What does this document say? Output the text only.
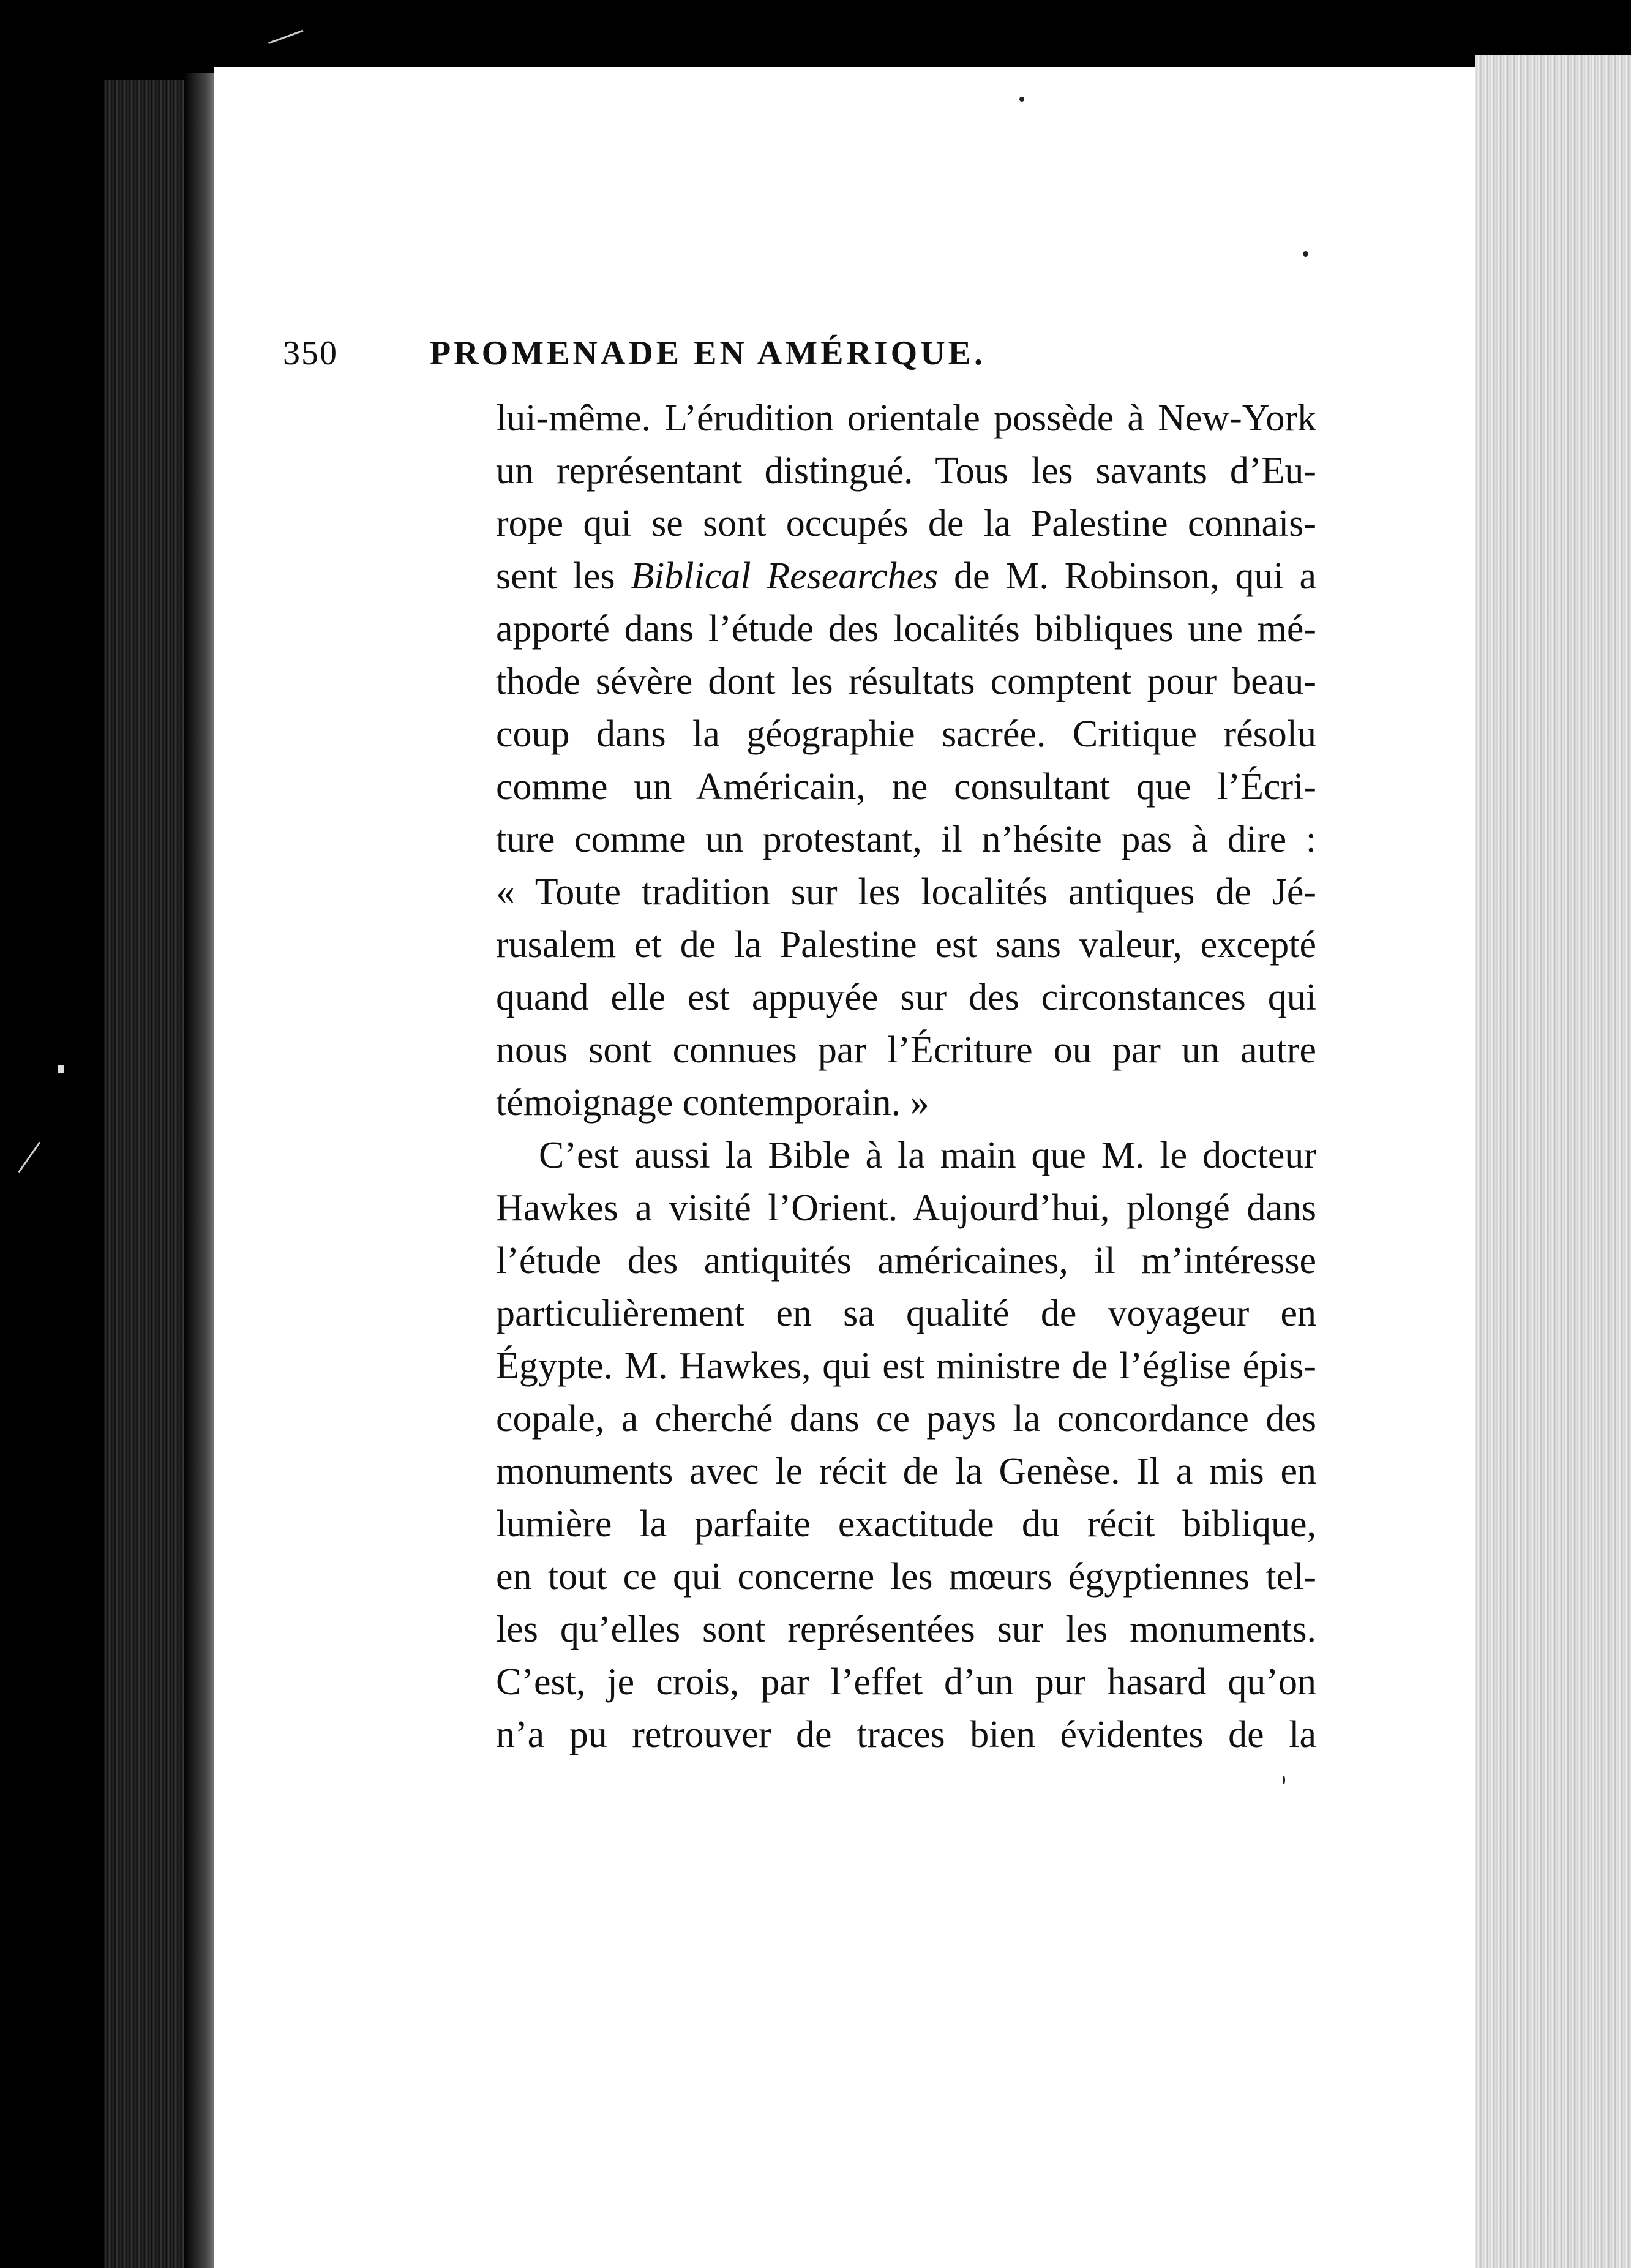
350	PROMENADE EN AMÉRIQUE.
lui-même. L’érudition orientale possède à New-York
un représentant distingué. Tous les savants d’Eu-
rope qui se sont occupés de la Palestine connais-
sent les Biblical Researches de M. Robinson, qui a
apporté dans l’étude des localités bibliques une mé-
thode sévère dont les résultats comptent pour beau-
coup dans la géographie sacrée. Critique résolu
comme un Américain, ne consultant que l’Écri-
ture comme un protestant, il n’hésite pas à dire :
« Toute tradition sur les localités antiques de Jé-
rusalem et de la Palestine est sans valeur, excepté
quand elle est appuyée sur des circonstances qui
nous sont connues par l’Écriture ou par un autre
témoignage contemporain. »
C’est aussi la Bible à la main que M. le docteur
Hawkes a visité l’Orient. Aujourd’hui, plongé dans
l’étude des antiquités américaines, il m’intéresse
particulièrement en sa qualité de voyageur en
Égypte. M. Hawkes, qui est ministre de l’église épis-
copale, a cherché dans ce pays la concordance des
monuments avec le récit de la Genèse. Il a mis en
lumière la parfaite exactitude du récit biblique,
en tout ce qui concerne les mœurs égyptiennes tel-
les qu’elles sont représentées sur les monuments.
C’est, je crois, par l’effet d’un pur hasard qu’on
n’a pu retrouver de traces bien évidentes de la
